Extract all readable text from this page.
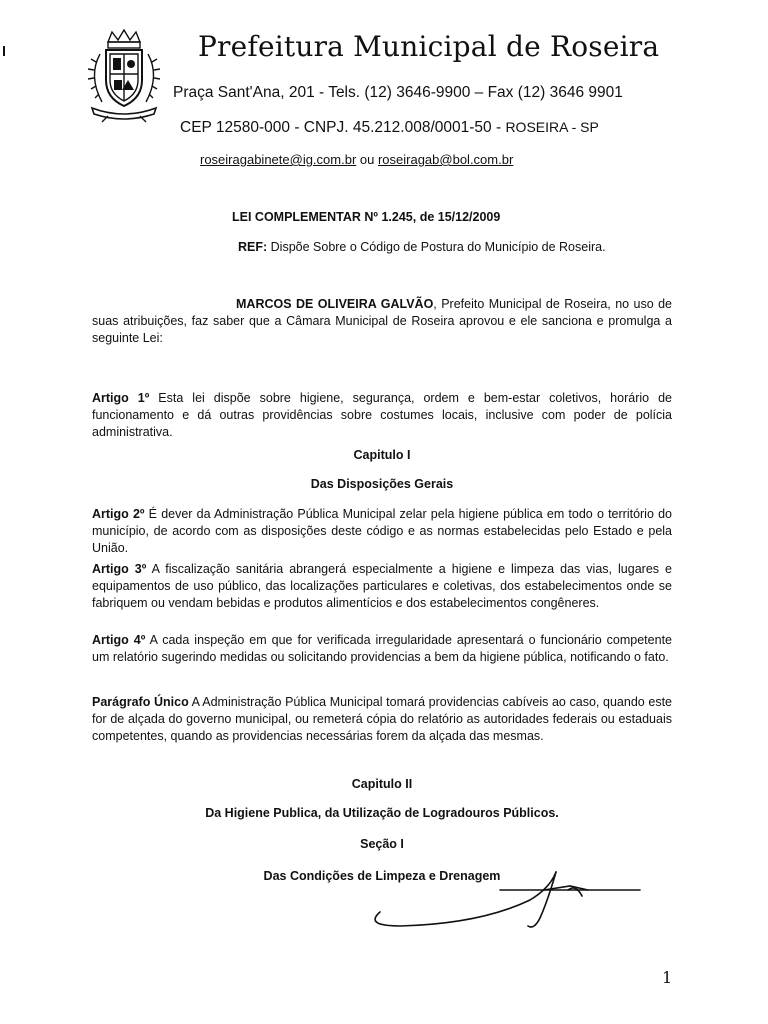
Prefeitura Municipal de Roseira
Praça Sant'Ana, 201 - Tels. (12) 3646-9900 – Fax (12) 3646 9901
CEP 12580-000 - CNPJ. 45.212.008/0001-50 - ROSEIRA - SP
roseiragabinete@ig.com.br ou roseiragab@bol.com.br
LEI COMPLEMENTAR Nº 1.245, de 15/12/2009
REF: Dispõe Sobre o Código de Postura do Município de Roseira.
MARCOS DE OLIVEIRA GALVÃO, Prefeito Municipal de Roseira, no uso de suas atribuições, faz saber que a Câmara Municipal de Roseira aprovou e ele sanciona e promulga a seguinte Lei:
Artigo 1º Esta lei dispõe sobre higiene, segurança, ordem e bem-estar coletivos, horário de funcionamento e dá outras providências sobre costumes locais, inclusive com poder de polícia administrativa.
Capitulo I
Das Disposições Gerais
Artigo 2º É dever da Administração Pública Municipal zelar pela higiene pública em todo o território do município, de acordo com as disposições deste código e as normas estabelecidas pelo Estado e pela União.
Artigo 3º A fiscalização sanitária abrangerá especialmente a higiene e limpeza das vias, lugares e equipamentos de uso público, das localizações particulares e coletivas, dos estabelecimentos onde se fabriquem ou vendam bebidas e produtos alimentícios e dos estabelecimentos congêneres.
Artigo 4º A cada inspeção em que for verificada irregularidade apresentará o funcionário competente um relatório sugerindo medidas ou solicitando providencias a bem da higiene pública, notificando o fato.
Parágrafo Único A Administração Pública Municipal tomará providencias cabíveis ao caso, quando este for de alçada do governo municipal, ou remeterá cópia do relatório as autoridades federais ou estaduais competentes, quando as providencias necessárias forem da alçada das mesmas.
Capitulo II
Da Higiene Publica, da Utilização de Logradouros Públicos.
Seção I
Das Condições de Limpeza e Drenagem
1
